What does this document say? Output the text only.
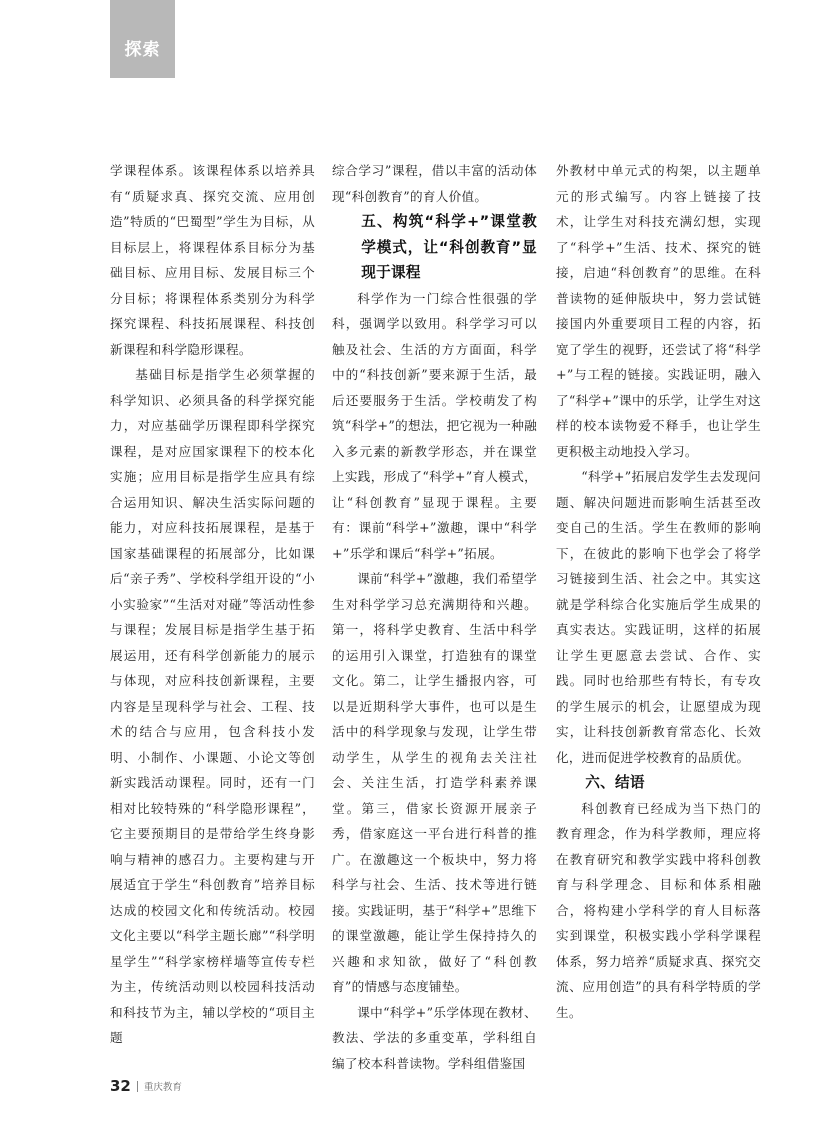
探索

学课程体系。该课程体系以培养具有“质疑求真、探究交流、应用创造”特质的“巴蜀型”学生为目标，从目标层上，将课程体系目标分为基础目标、应用目标、发展目标三个分目标；将课程体系类别分为科学探究课程、科技拓展课程、科技创新课程和科学隐形课程。

基础目标是指学生必须掌握的科学知识、必须具备的科学探究能力，对应基础学历课程即科学探究课程，是对应国家课程下的校本化实施；应用目标是指学生应具有综合运用知识、解决生活实际问题的能力，对应科技拓展课程，是基于国家基础课程的拓展部分，比如课后“亲子秀”、学校科学组开设的“小小实验家”“生活对对碰”等活动性参与课程；发展目标是指学生基于拓展运用，还有科学创新能力的展示与体现，对应科技创新课程，主要内容是呈现科学与社会、工程、技术的结合与应用，包含科技小发明、小制作、小课题、小论文等创新实践活动课程。同时，还有一门相对比较特殊的“科学隐形课程”，它主要预期目的是带给学生终身影响与精神的感召力。主要构建与开展适宜于学生“科创教育”培养目标达成的校园文化和传统活动。校园文化主要以“科学主题长廊”“科学明星学生”“科学家榜样墙等宣传专栏为主，传统活动则以校园科技活动和科技节为主，辅以学校的“项目主题

综合学习”课程，借以丰富的活动体现“科创教育”的育人价值。

五、构筑“科学+”课堂教学模式，让“科创教育”显现于课程

科学作为一门综合性很强的学科，强调学以致用。科学学习可以触及社会、生活的方方面面，科学中的“科技创新”要来源于生活，最后还要服务于生活。学校萌发了构筑“科学+”的想法，把它视为一种融入多元素的新教学形态，并在课堂上实践，形成了“科学+”育人模式，让“科创教育”显现于课程。主要有：课前“科学+”激趣，课中“科学+”乐学和课后“科学+”拓展。

课前“科学+”激趣，我们希望学生对科学学习总充满期待和兴趣。第一，将科学史教育、生活中科学的运用引入课堂，打造独有的课堂文化。第二，让学生播报内容，可以是近期科学大事件，也可以是生活中的科学现象与发现，让学生带动学生，从学生的视角去关注社会、关注生活，打造学科素养课堂。第三，借家长资源开展亲子秀，借家庭这一平台进行科普的推广。在激趣这一个板块中，努力将科学与社会、生活、技术等进行链接。实践证明，基于“科学+”思维下的课堂激趣，能让学生保持持久的兴趣和求知欲，做好了“科创教育”的情感与态度铺垫。

课中“科学+”乐学体现在教材、教法、学法的多重变革，学科组自编了校本科普读物。学科组借鉴国

外教材中单元式的构架，以主题单元的形式编写。内容上链接了技术，让学生对科技充满幻想，实现了“科学+”生活、技术、探究的链接，启迪“科创教育”的思维。在科普读物的延伸版块中，努力尝试链接国内外重要项目工程的内容，拓宽了学生的视野，还尝试了将“科学+”与工程的链接。实践证明，融入了“科学+”课中的乐学，让学生对这样的校本读物爱不释手，也让学生更积极主动地投入学习。

“科学+”拓展启发学生去发现问题、解决问题进而影响生活甚至改变自己的生活。学生在教师的影响下，在彼此的影响下也学会了将学习链接到生活、社会之中。其实这就是学科综合化实施后学生成果的真实表达。实践证明，这样的拓展让学生更愿意去尝试、合作、实践。同时也给那些有特长，有专攻的学生展示的机会，让愿望成为现实，让科技创新教育常态化、长效化，进而促进学校教育的品质优。

六、结语

科创教育已经成为当下热门的教育理念，作为科学教师，理应将在教育研究和教学实践中将科创教育与科学理念、目标和体系相融合，将构建小学科学的育人目标落实到课堂，积极实践小学科学课程体系，努力培养“质疑求真、探究交流、应用创造”的具有科学特质的学生。

32 重庆教育
